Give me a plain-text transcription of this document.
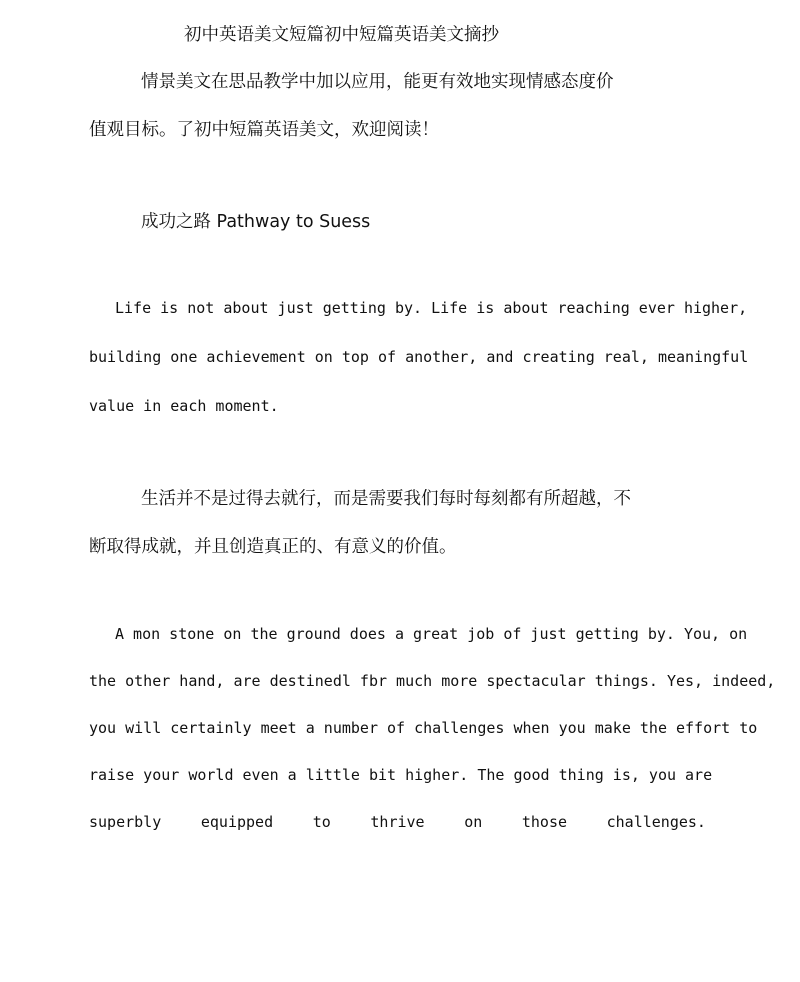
初中英语美文短篇初中短篇英语美文摘抄
情景美文在思品教学中加以应用，能更有效地实现情感态度价
值观目标。了初中短篇英语美文，欢迎阅读！
成功之路 Pathway to Suess
Life is not about just getting by. Life is about reaching ever higher,
building one achievement on top of another, and creating real, meaningful
value in each moment.
生活并不是过得去就行，而是需要我们每时每刻都有所超越，不
断取得成就，并且创造真正的、有意义的价值。
A mon stone on the ground does a great job of just getting by. You, on
the other hand, are destinedl fbr much more spectacular things. Yes, indeed,
you will certainly meet a number of challenges when you make the effort to
raise your world even a little bit higher. The good thing is, you are
superbly	equipped	to	thrive	on	those	challenges.
